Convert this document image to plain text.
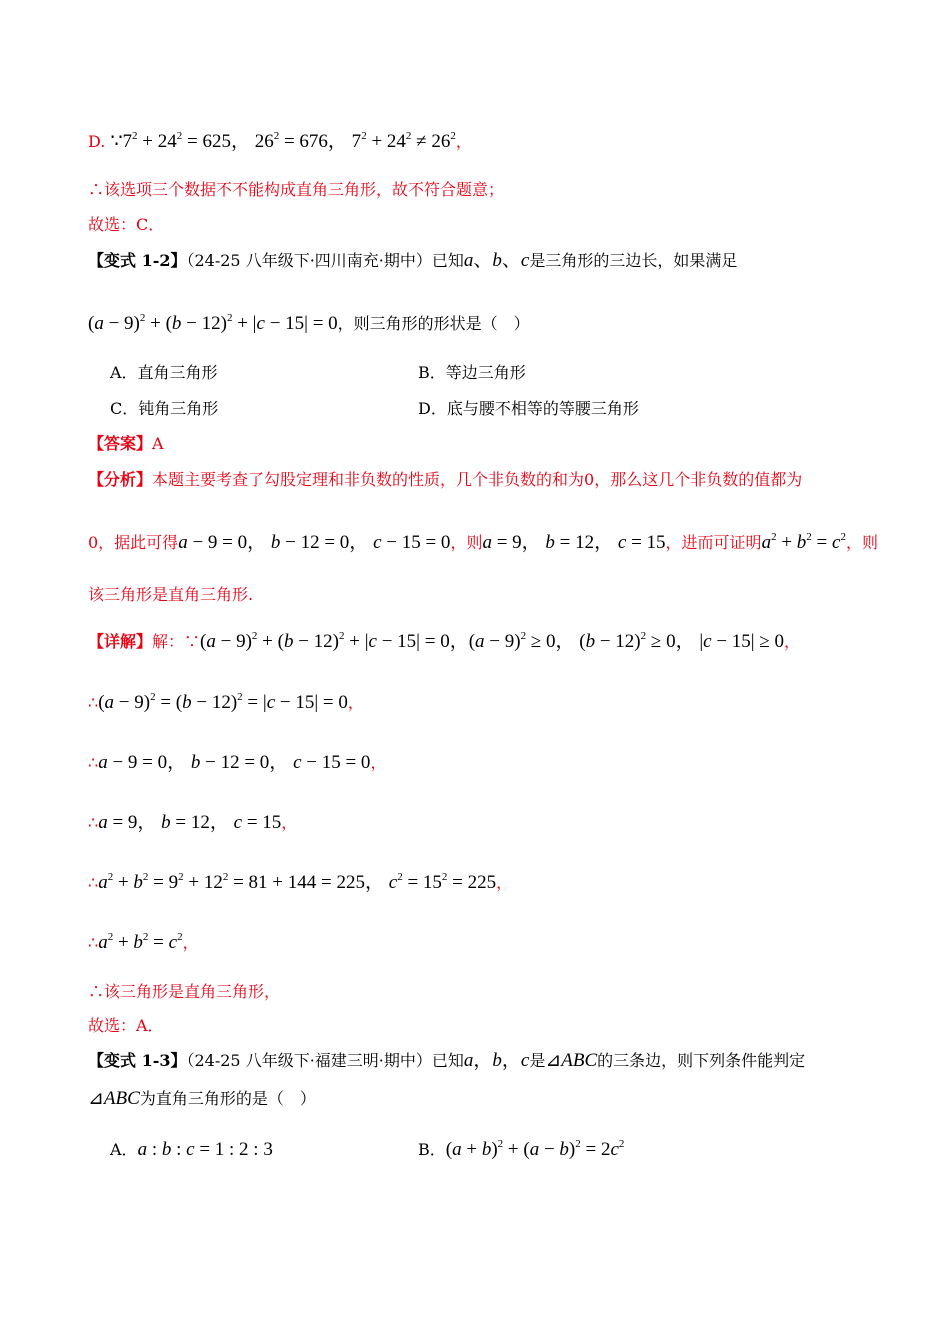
D. $\because 7^2 + 24^2 = 625$， $26^2 = 676$， $7^2 + 24^2 \ne 26^2$，
∴该选项三个数据不不能构成直角三角形，故不符合题意；
故选：C．
【变式 1-2】（24-25 八年级下·四川南充·期中）已知a、b、c是三角形的三边长，如果满足
$(a - 9)^2 + (b - 12)^2 + |c - 15| = 0$，则三角形的形状是（　）
A．直角三角形	B．等边三角形
C．钝角三角形	D．底与腰不相等的等腰三角形
【答案】A
【分析】本题主要考查了勾股定理和非负数的性质，几个非负数的和为0，那么这几个非负数的值都为
0，据此可得a − 9 = 0， b − 12 = 0， c − 15 = 0，则a = 9， b = 12， c = 15，进而可证明$a^2 + b^2 = c^2$，则
该三角形是直角三角形.
【详解】解：∵(a − $9)^2 + (b - 12)^2 + |c - 15| = 0$，$(a - 9)^2 \ge 0$， $(b - 12)^2 \ge 0$， |c − 15| ≥ 0，
∴(a − $9)^2 = (b - 12)^2 = |c - 15| = 0$，
∴a − 9 = 0， b − 12 = 0， c − 15 = 0，
∴a = 9， b = 12， c = 15，
$\therefore a^2 + b^2 = 9^2 + 12^2 = 81 + 144 = 225$， $c^2 = 15^2 = 225$，
$\therefore a^2 + b^2 = c^2$，
∴该三角形是直角三角形，
故选：A．
【变式 1-3】（24-25 八年级下·福建三明·期中）已知a，b，c是⊿ABC的三条边，则下列条件能判定
⊿ABC为直角三角形的是（　）
A．a : b : c = 1 : 2 : 3	B．$(a + b)^2 + (a - b)^2 = 2c^2$
